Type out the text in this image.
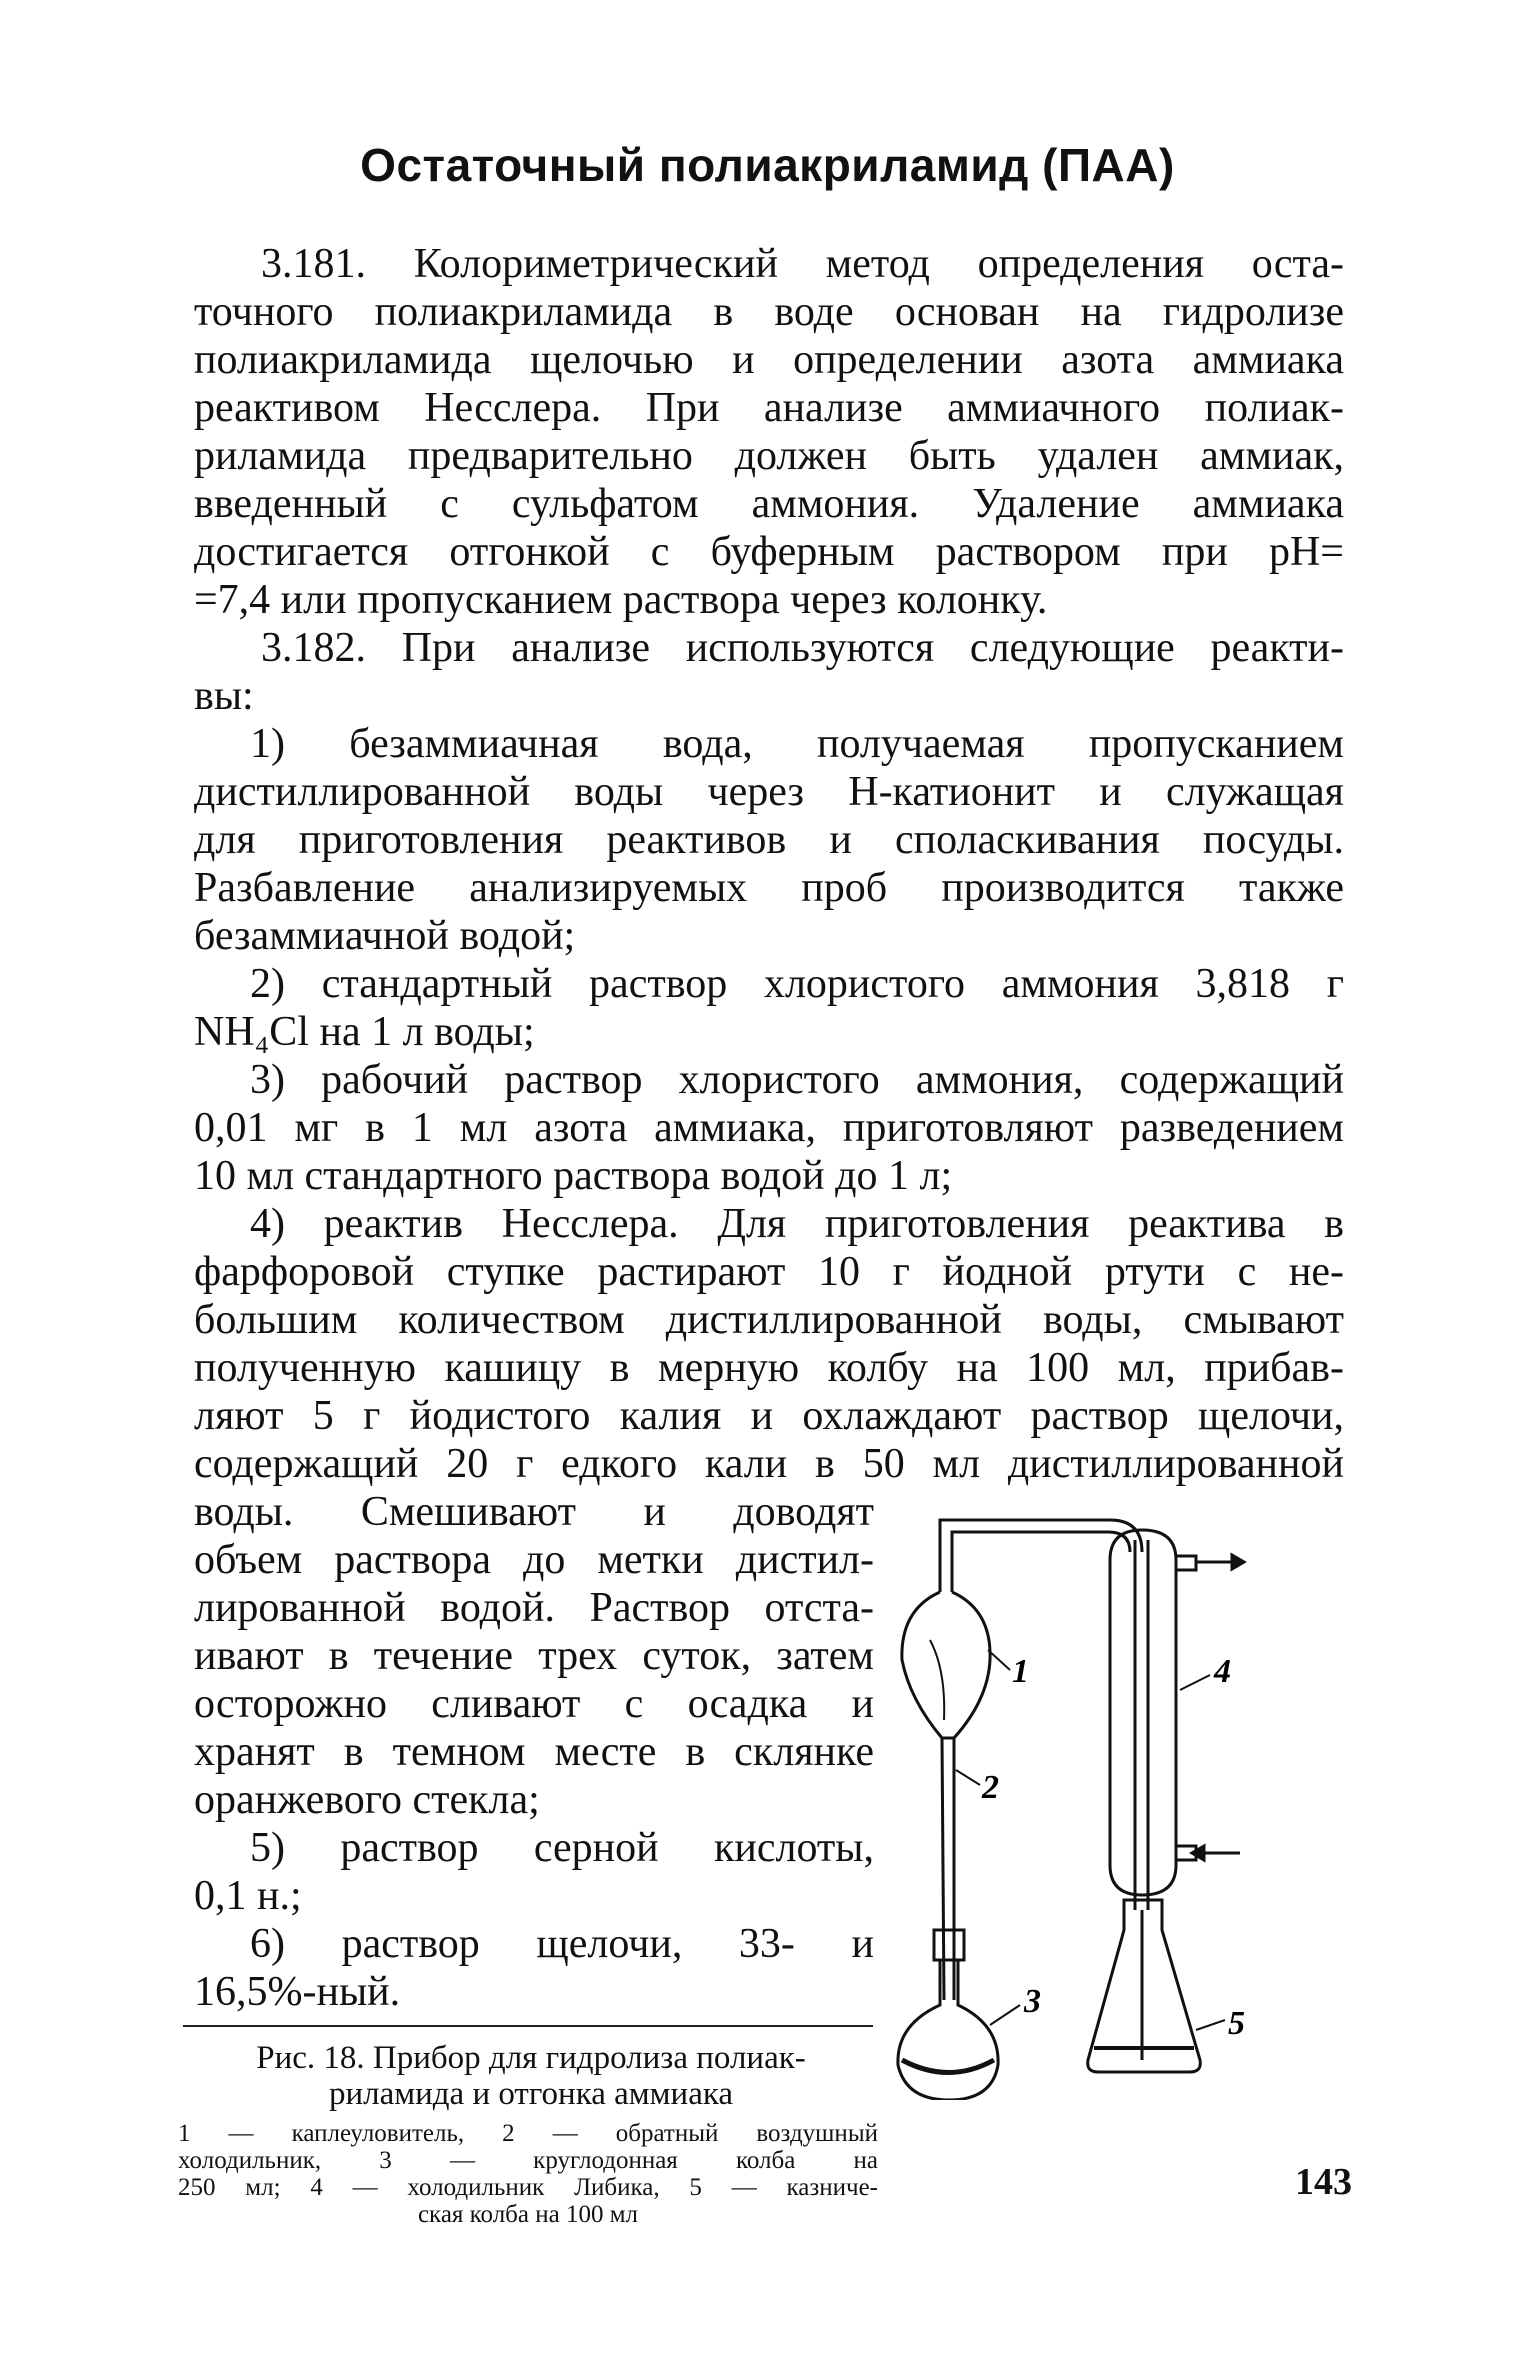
Остаточный полиакриламид (ПАА)
3.181. Колориметрический метод определения оста-
точного полиакриламида в воде основан на гидролизе
полиакриламида щелочью и определении азота аммиака
реактивом Несслера. При анализе аммиачного полиак-
риламида предварительно должен быть удален аммиак,
введенный с сульфатом аммония. Удаление аммиака
достигается отгонкой с буферным раствором при pH=
=7,4 или пропусканием раствора через колонку.
3.182. При анализе используются следующие реакти-
вы:
1) безаммиачная вода, получаемая пропусканием
дистиллированной воды через Н-катионит и служащая
для приготовления реактивов и споласкивания посуды.
Разбавление анализируемых проб производится также
безаммиачной водой;
2) стандартный раствор хлористого аммония 3,818 г
NH₄Cl на 1 л воды;
3) рабочий раствор хлористого аммония, содержащий
0,01 мг в 1 мл азота аммиака, приготовляют разведением
10 мл стандартного раствора водой до 1 л;
4) реактив Несслера. Для приготовления реактива в
фарфоровой ступке растирают 10 г йодной ртути с не-
большим количеством дистиллированной воды, смывают
полученную кашицу в мерную колбу на 100 мл, прибав-
ляют 5 г йодистого калия и охлаждают раствор щелочи,
содержащий 20 г едкого кали в 50 мл дистиллированной
воды. Смешивают и доводят
объем раствора до метки дистил-
лированной водой. Раствор отста-
ивают в течение трех суток, затем
осторожно сливают с осадка и
хранят в темном месте в склянке
оранжевого стекла;
5) раствор серной кислоты,
0,1 н.;
6) раствор щелочи, 33- и
16,5%-ный.
Рис. 18. Прибор для гидролиза полиак-
риламида и отгонка аммиака
1 — каплеуловитель, 2 — обратный воздушный
холодильник, 3 — круглодонная колба на
250 мл; 4 — холодильник Либика, 5 — казниче-
ская колба на 100 мл
1
2
3
4
5
143
